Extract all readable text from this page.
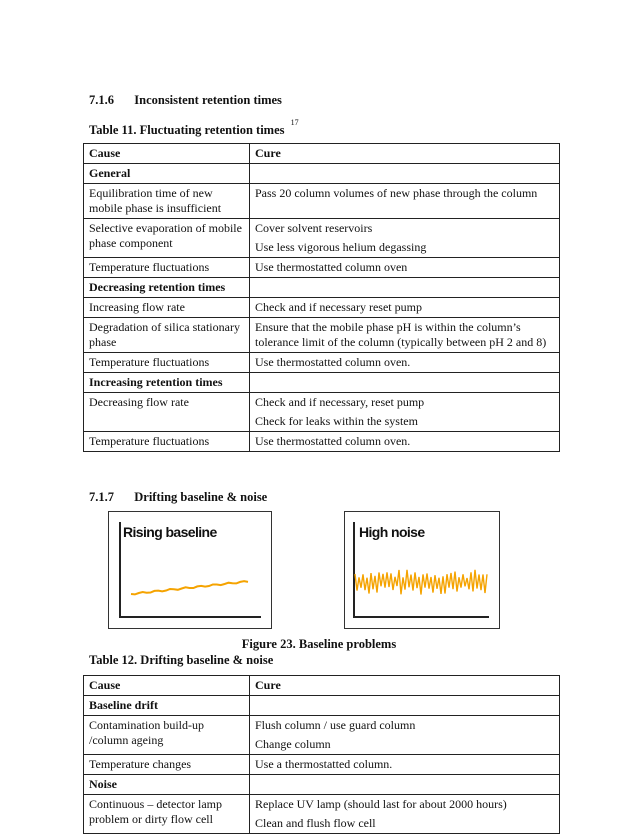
7.1.6 Inconsistent retention times
Table 11. Fluctuating retention times $^{17}$
Cause	Cure
General	
Equilibration time of new mobile phase is insufficient	Pass 20 column volumes of new phase through the column
Selective evaporation of mobile phase component	Cover solvent reservoirs
Use less vigorous helium degassing

Temperature fluctuations	Use thermostatted column oven
Decreasing retention times	
Increasing flow rate	Check and if necessary reset pump
Degradation of silica stationary phase	Ensure that the mobile phase pH is within the column’s tolerance limit of the column (typically between pH 2 and 8)
Temperature fluctuations	Use thermostatted column oven.
Increasing retention times	
Decreasing flow rate	Check and if necessary, reset pump
Check for leaks within the system

Temperature fluctuations	Use thermostatted column oven.
7.1.7 Drifting baseline & noise
Rising baseline	High noise
Figure 23. Baseline problems
Table 12. Drifting baseline & noise
Cause	Cure
Baseline drift	
Contamination build-up /column ageing	Flush column / use guard column
Change column

Temperature changes	Use a thermostatted column.
Noise	
Continuous – detector lamp problem or dirty flow cell	Replace UV lamp (should last for about 2000 hours)
Clean and flush flow cell
